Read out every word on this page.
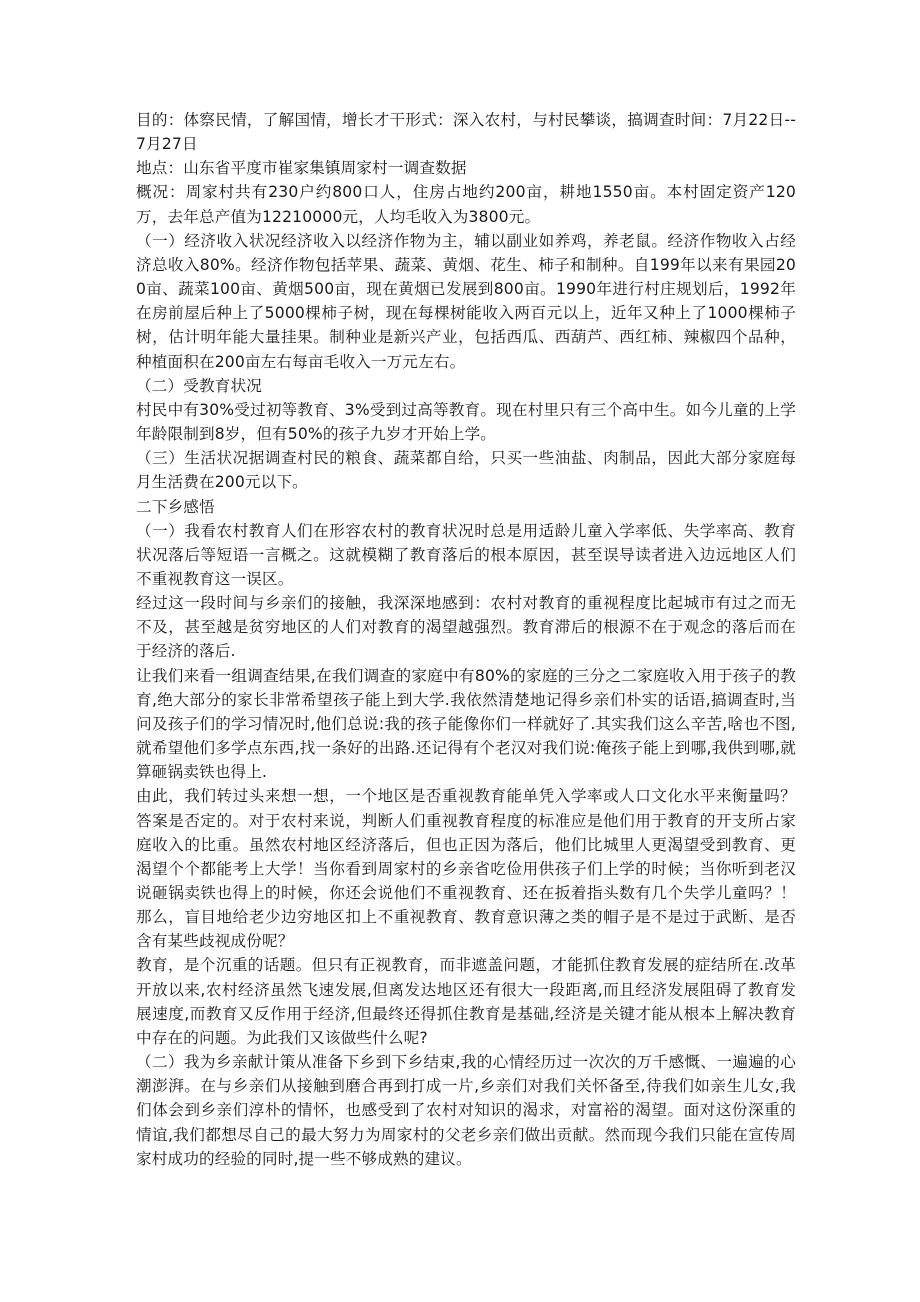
目的：体察民情，了解国情，增长才干形式：深入农村，与村民攀谈，搞调查时间：7月22日--7月27日

地点：山东省平度市崔家集镇周家村一调查数据

概况：周家村共有230户约800口人，住房占地约200亩，耕地1550亩。本村固定资产120万，去年总产值为12210000元，人均毛收入为3800元。

（一）经济收入状况经济收入以经济作物为主，辅以副业如养鸡，养老鼠。经济作物收入占经济总收入80%。经济作物包括苹果、蔬菜、黄烟、花生、柿子和制种。自199年以来有果园200亩、蔬菜100亩、黄烟500亩，现在黄烟已发展到800亩。1990年进行村庄规划后，1992年在房前屋后种上了5000棵柿子树，现在每棵树能收入两百元以上，近年又种上了1000棵柿子树，估计明年能大量挂果。制种业是新兴产业，包括西瓜、西葫芦、西红柿、辣椒四个品种，种植面积在200亩左右每亩毛收入一万元左右。

（二）受教育状况

村民中有30%受过初等教育、3%受到过高等教育。现在村里只有三个高中生。如今儿童的上学年龄限制到8岁，但有50%的孩子九岁才开始上学。

（三）生活状况据调查村民的粮食、蔬菜都自给，只买一些油盐、肉制品，因此大部分家庭每月生活费在200元以下。

二下乡感悟

（一）我看农村教育人们在形容农村的教育状况时总是用适龄儿童入学率低、失学率高、教育状况落后等短语一言概之。这就模糊了教育落后的根本原因，甚至误导读者进入边远地区人们不重视教育这一误区。

经过这一段时间与乡亲们的接触，我深深地感到：农村对教育的重视程度比起城市有过之而无不及，甚至越是贫穷地区的人们对教育的渴望越强烈。教育滞后的根源不在于观念的落后而在于经济的落后.

让我们来看一组调查结果,在我们调查的家庭中有80%的家庭的三分之二家庭收入用于孩子的教育,绝大部分的家长非常希望孩子能上到大学.我依然清楚地记得乡亲们朴实的话语,搞调查时,当问及孩子们的学习情况时,他们总说:我的孩子能像你们一样就好了.其实我们这么辛苦,啥也不图,就希望他们多学点东西,找一条好的出路.还记得有个老汉对我们说:俺孩子能上到哪,我供到哪,就算砸锅卖铁也得上.

由此，我们转过头来想一想，一个地区是否重视教育能单凭入学率或人口文化水平来衡量吗？答案是否定的。对于农村来说，判断人们重视教育程度的标准应是他们用于教育的开支所占家庭收入的比重。虽然农村地区经济落后，但也正因为落后，他们比城里人更渴望受到教育、更渴望个个都能考上大学！当你看到周家村的乡亲省吃俭用供孩子们上学的时候；当你听到老汉说砸锅卖铁也得上的时候，你还会说他们不重视教育、还在扳着指头数有几个失学儿童吗？！那么，盲目地给老少边穷地区扣上不重视教育、教育意识薄之类的帽子是不是过于武断、是否含有某些歧视成份呢？

教育，是个沉重的话题。但只有正视教育，而非遮盖问题，才能抓住教育发展的症结所在.改革开放以来,农村经济虽然飞速发展,但离发达地区还有很大一段距离,而且经济发展阻碍了教育发展速度,而教育又反作用于经济,但最终还得抓住教育是基础,经济是关键才能从根本上解决教育中存在的问题。为此我们又该做些什么呢?

（二）我为乡亲献计策从准备下乡到下乡结束,我的心情经历过一次次的万千感慨、一遍遍的心潮澎湃。在与乡亲们从接触到磨合再到打成一片,乡亲们对我们关怀备至,待我们如亲生儿女,我们体会到乡亲们淳朴的情怀，也感受到了农村对知识的渴求，对富裕的渴望。面对这份深重的情谊,我们都想尽自己的最大努力为周家村的父老乡亲们做出贡献。然而现今我们只能在宣传周家村成功的经验的同时,提一些不够成熟的建议。
